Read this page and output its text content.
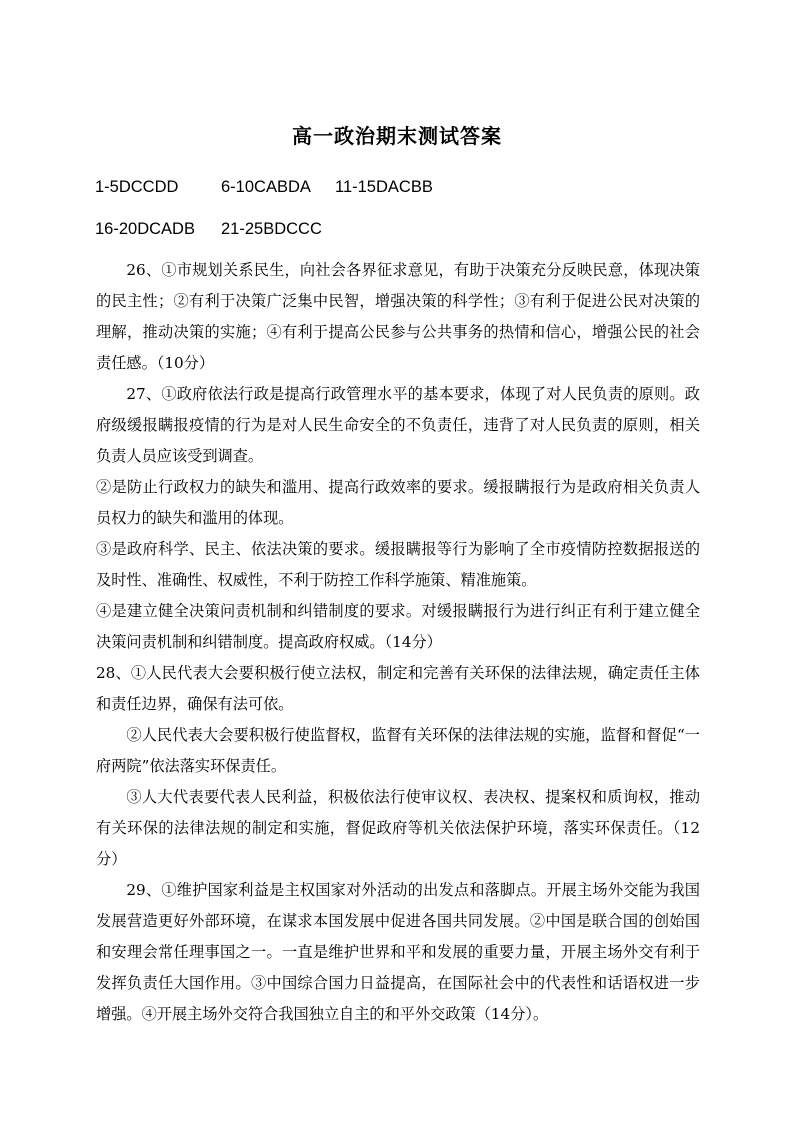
高一政治期末测试答案
1-5DCCDD	6-10CABDA 11-15DACBB
16-20DCADB 21-25BDCCC

26、①市规划关系民生，向社会各界征求意见，有助于决策充分反映民意，体现决策的民主性；②有利于决策广泛集中民智，增强决策的科学性；③有利于促进公民对决策的理解，推动决策的实施；④有利于提高公民参与公共事务的热情和信心，增强公民的社会责任感。（10分）

27、①政府依法行政是提高行政管理水平的基本要求，体现了对人民负责的原则。政府级缓报瞒报疫情的行为是对人民生命安全的不负责任，违背了对人民负责的原则，相关负责人员应该受到调查。

②是防止行政权力的缺失和滥用、提高行政效率的要求。缓报瞒报行为是政府相关负责人员权力的缺失和滥用的体现。

③是政府科学、民主、依法决策的要求。缓报瞒报等行为影响了全市疫情防控数据报送的及时性、准确性、权威性，不利于防控工作科学施策、精准施策。

④是建立健全决策问责机制和纠错制度的要求。对缓报瞒报行为进行纠正有利于建立健全决策问责机制和纠错制度。提高政府权威。（14分）

28、①人民代表大会要积极行使立法权，制定和完善有关环保的法律法规，确定责任主体和责任边界，确保有法可依。

②人民代表大会要积极行使监督权，监督有关环保的法律法规的实施，监督和督促“一府两院”依法落实环保责任。

③人大代表要代表人民利益，积极依法行使审议权、表决权、提案权和质询权，推动有关环保的法律法规的制定和实施，督促政府等机关依法保护环境，落实环保责任。（12分）

29、①维护国家利益是主权国家对外活动的出发点和落脚点。开展主场外交能为我国发展营造更好外部环境，在谋求本国发展中促进各国共同发展。②中国是联合国的创始国和安理会常任理事国之一。一直是维护世界和平和发展的重要力量，开展主场外交有利于发挥负责任大国作用。③中国综合国力日益提高，在国际社会中的代表性和话语权进一步增强。④开展主场外交符合我国独立自主的和平外交政策（14分）。
